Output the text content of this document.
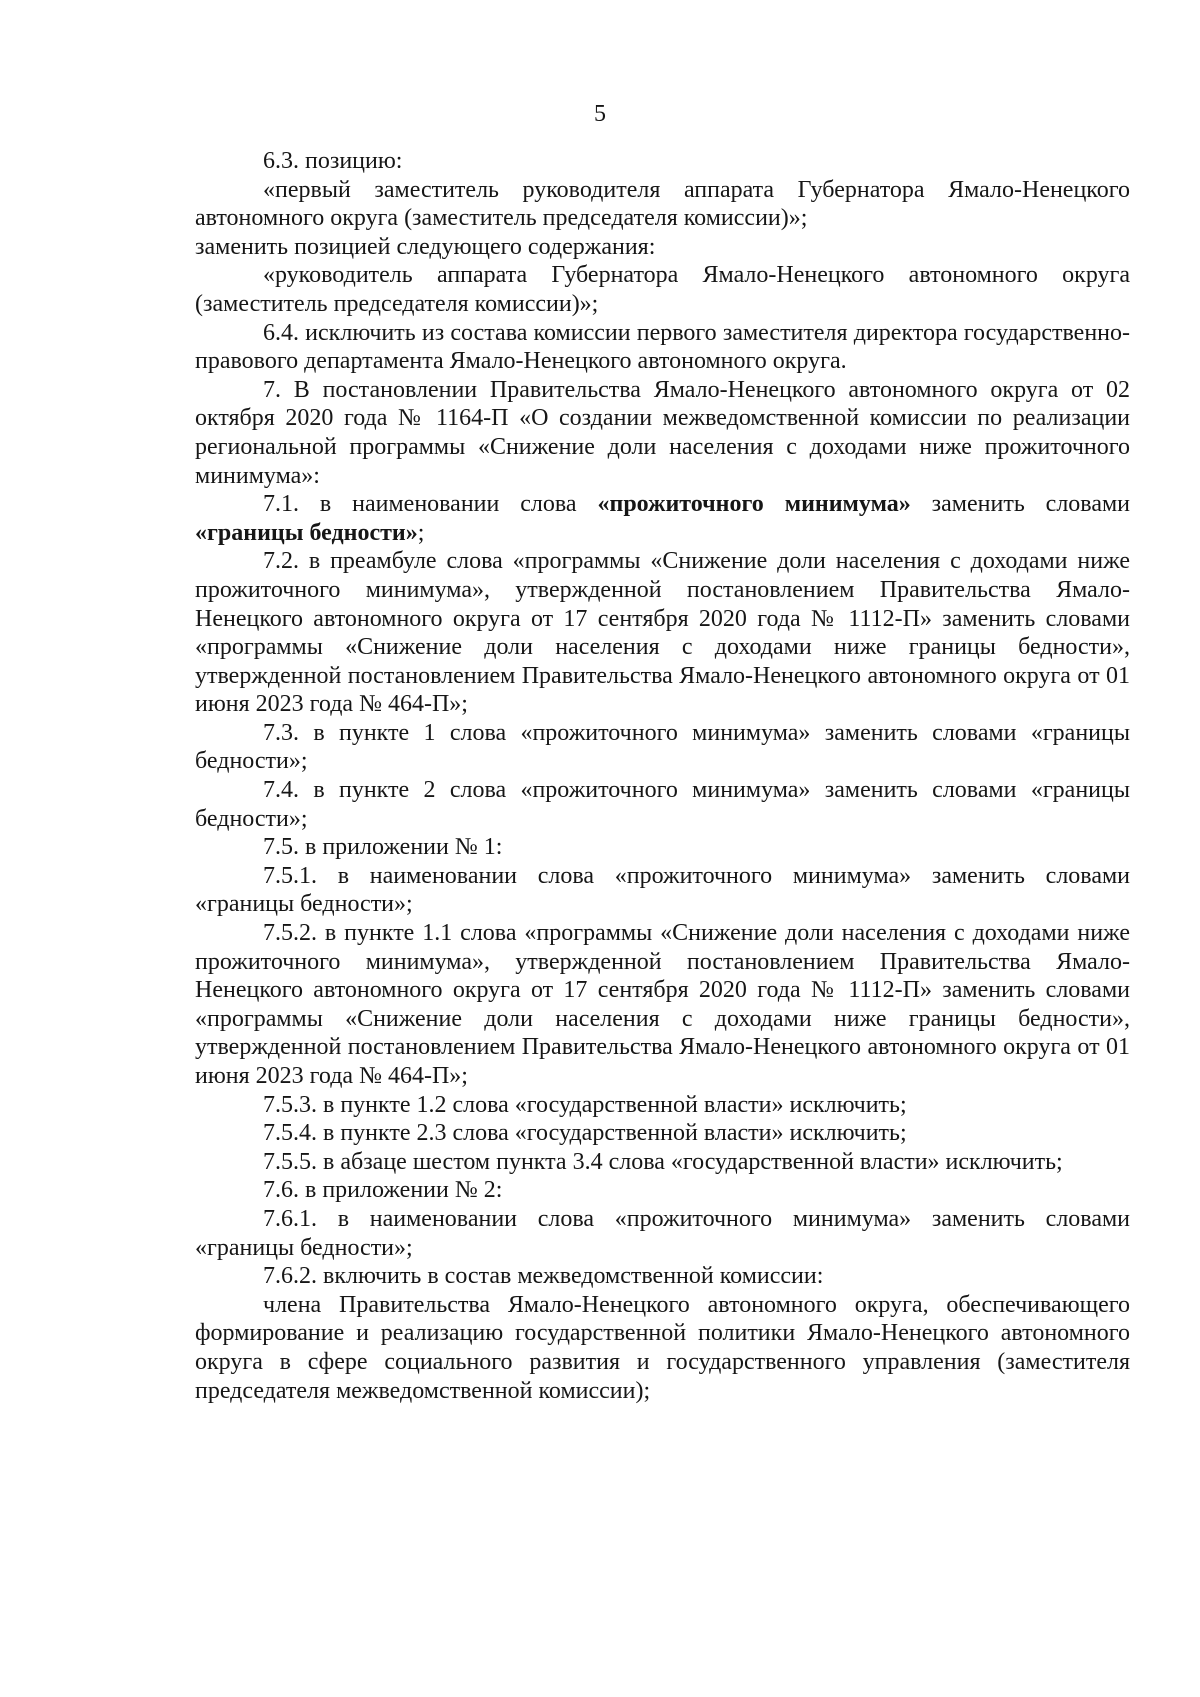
5

6.3. позицию:

«первый заместитель руководителя аппарата Губернатора Ямало-Ненецкого автономного округа (заместитель председателя комиссии)»;

заменить позицией следующего содержания:

«руководитель аппарата Губернатора Ямало-Ненецкого автономного округа (заместитель председателя комиссии)»;

6.4. исключить из состава комиссии первого заместителя директора государственно-правового департамента Ямало-Ненецкого автономного округа.

7. В постановлении Правительства Ямало-Ненецкого автономного округа от 02 октября 2020 года № 1164-П «О создании межведомственной комиссии по реализации региональной программы «Снижение доли населения с доходами ниже прожиточного минимума»:

7.1. в наименовании слова «прожиточного минимума» заменить словами «границы бедности»;

7.2. в преамбуле слова «программы «Снижение доли населения с доходами ниже прожиточного минимума», утвержденной постановлением Правительства Ямало-Ненецкого автономного округа от 17 сентября 2020 года № 1112-П» заменить словами «программы «Снижение доли населения с доходами ниже границы бедности», утвержденной постановлением Правительства Ямало-Ненецкого автономного округа от 01 июня 2023 года № 464-П»;

7.3. в пункте 1 слова «прожиточного минимума» заменить словами «границы бедности»;

7.4. в пункте 2 слова «прожиточного минимума» заменить словами «границы бедности»;

7.5. в приложении № 1:

7.5.1. в наименовании слова «прожиточного минимума» заменить словами «границы бедности»;

7.5.2. в пункте 1.1 слова «программы «Снижение доли населения с доходами ниже прожиточного минимума», утвержденной постановлением Правительства Ямало-Ненецкого автономного округа от 17 сентября 2020 года № 1112-П» заменить словами «программы «Снижение доли населения с доходами ниже границы бедности», утвержденной постановлением Правительства Ямало-Ненецкого автономного округа от 01 июня 2023 года № 464-П»;

7.5.3. в пункте 1.2 слова «государственной власти» исключить;

7.5.4. в пункте 2.3 слова «государственной власти» исключить;

7.5.5. в абзаце шестом пункта 3.4 слова «государственной власти» исключить;

7.6. в приложении № 2:

7.6.1. в наименовании слова «прожиточного минимума» заменить словами «границы бедности»;

7.6.2. включить в состав межведомственной комиссии:

члена Правительства Ямало-Ненецкого автономного округа, обеспечивающего формирование и реализацию государственной политики Ямало-Ненецкого автономного округа в сфере социального развития и государственного управления (заместителя председателя межведомственной комиссии);
